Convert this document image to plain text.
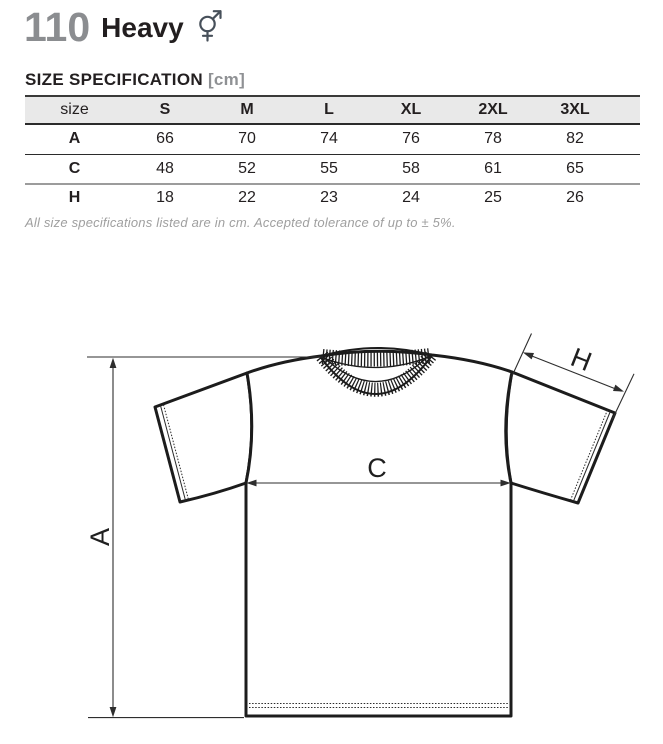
110 Heavy
SIZE SPECIFICATION [cm]
size	S	M	L	XL	2XL	3XL	
A	66	70	74	76	78	82	
C	48	52	55	58	61	65	
H	18	22	23	24	25	26	
All size specifications listed are in cm. Accepted tolerance of up to ± 5%.
A
C
H
